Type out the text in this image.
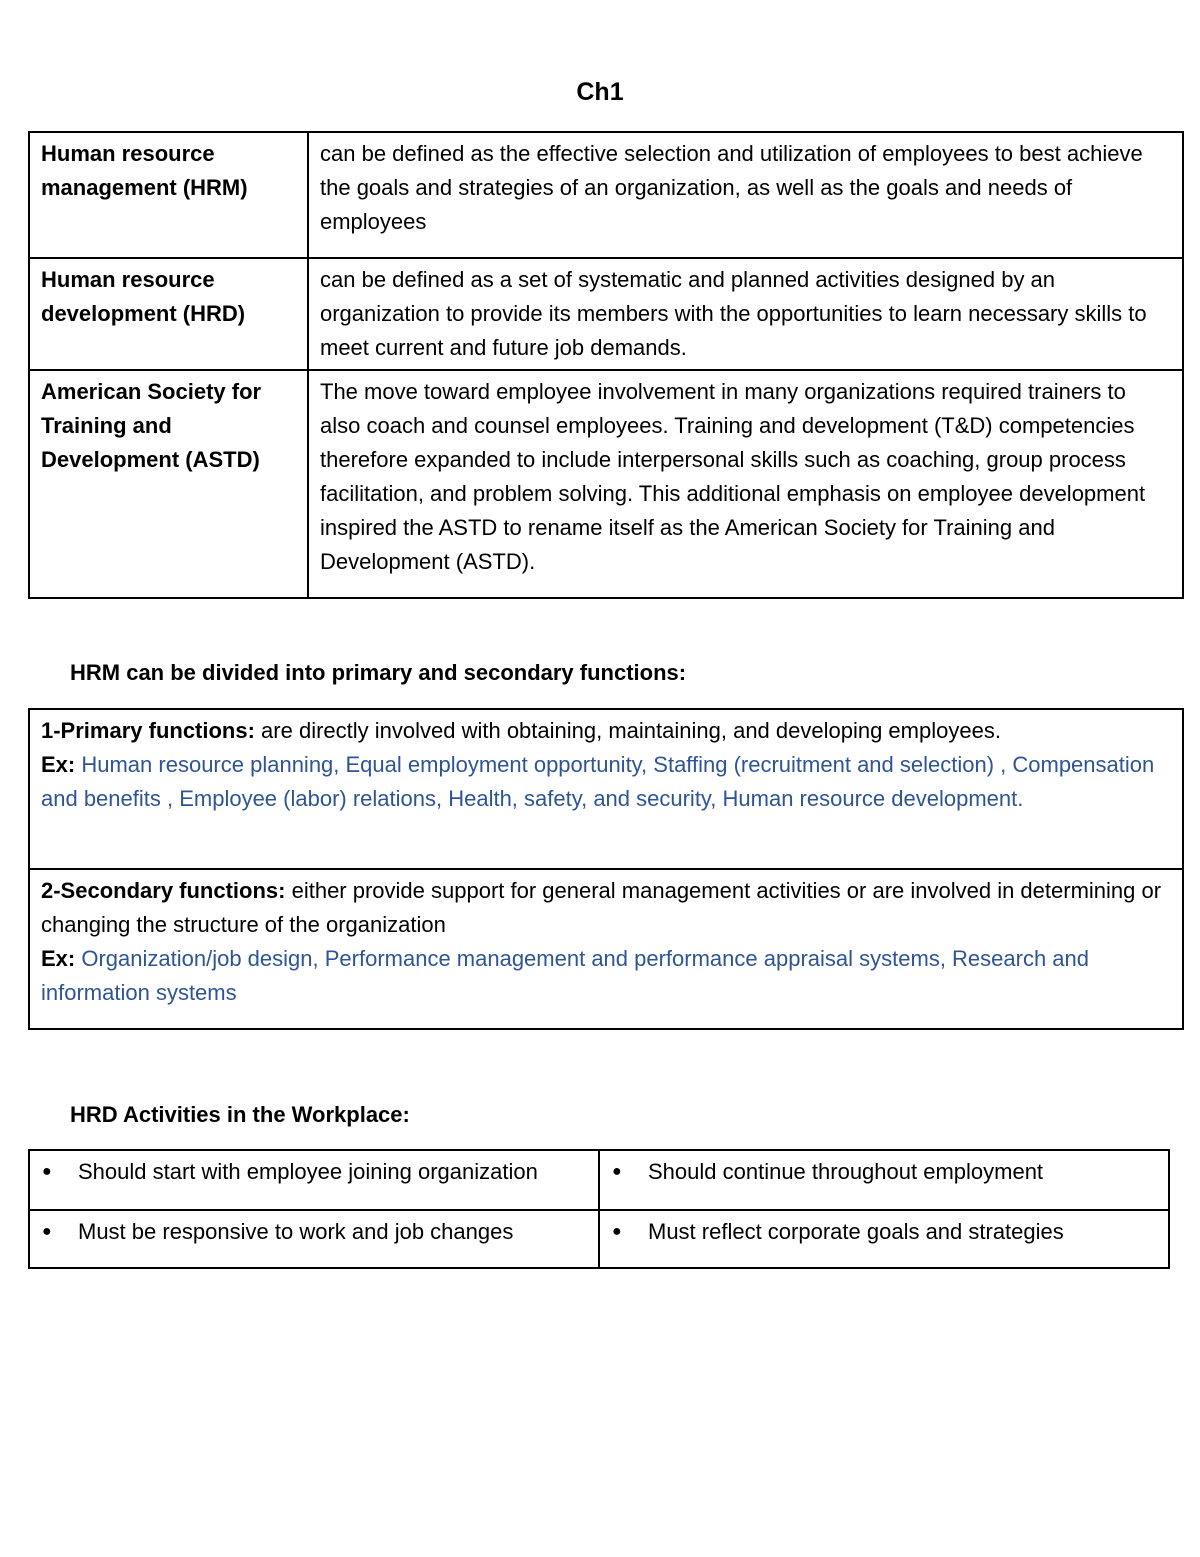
Ch1
Human resource management (HRM)	can be defined as the effective selection and utilization of employees to best achieve the goals and strategies of an organization, as well as the goals and needs of employees
Human resource development (HRD)	can be defined as a set of systematic and planned activities designed by an organization to provide its members with the opportunities to learn necessary skills to meet current and future job demands.
American Society for Training and Development (ASTD)	The move toward employee involvement in many organizations required trainers to also coach and counsel employees. Training and development (T&D) competencies therefore expanded to include interpersonal skills such as coaching, group process facilitation, and problem solving. This additional emphasis on employee development inspired the ASTD to rename itself as the American Society for Training and Development (ASTD).
HRM can be divided into primary and secondary functions:
1-Primary functions: are directly involved with obtaining, maintaining, and developing employees.
Ex: Human resource planning, Equal employment opportunity, Staffing (recruitment and selection) , Compensation and benefits , Employee (labor) relations, Health, safety, and security, Human resource development.
2-Secondary functions: either provide support for general management activities or are involved in determining or changing the structure of the organization
Ex: Organization/job design, Performance management and performance appraisal systems, Research and information systems
HRD Activities in the Workplace:
● Should start with employee joining organization	● Should continue throughout employment

● Must be responsive to work and job changes	● Must reflect corporate goals and strategies
